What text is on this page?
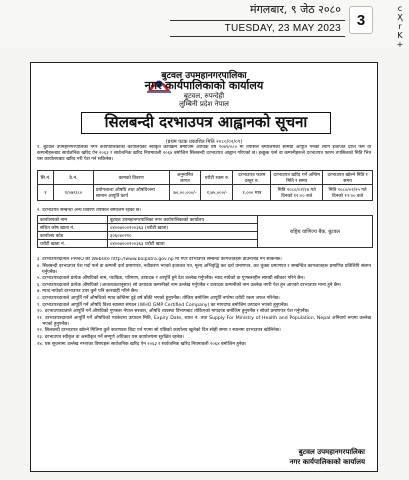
मंगलबार, ९ जेठ २०८०
TUESDAY, 23 MAY 2023	3
c
Ҳ
r
K
+
बुटवल उपमहानगरपालिका
नगर कार्यपालिकाको कार्यालय
बुटवल, रुपन्देही
लुम्बिनी प्रदेश नेपाल
सिलबन्दी दरभाउपत्र आह्वानको सूचना
(प्रथम पटक प्रकाशित मिति २०८०/०२/०९)
१. बुटवल उपमहानगरपालिका नगर कार्यपालिकाको कार्यालयको स्वीकृत कार्यक्रम बमोजिम आर्थिक वर्ष २०७९/०८० मा तपसिल बमोजिमका सामग्री आपूर्ति गर्नका लागि इजाजत प्राप्त फर्म वा कम्पनीहरूबाट सार्वजनिक खरिद ऐन २०६३ र सार्वजनिक खरिद नियमावली २०६४ बमोजिम सिलबन्दी दरभाउपत्र आह्वान गरिएको छ। इच्छुक फर्म वा कम्पनीहरूले दरभाउपत्र फारम तपसिलको मिति भित्र यस कार्यालयबाट खरिद गरी पेश गर्न सकिनेछ।
सि.नं.	ठे.नं.	कामको विवरण	अनुमानित लागत	धरौटी रकम रु.	दरभाउपत्र फारम दस्तुर रु.	दरभाउपत्र खरिद गर्ने अन्तिम मिति र समय	दरभाउपत्र खोल्ने मिति र समय
१	१/०७९/८०	प्रयोगशाला औषधि तथा औषधिजन्य सामान आपूर्ति कार्य	७०,००,०००/-	१,७५,०००/-	१,००० मात्र	मिति २०८०/०२/२४ गते दिनको १२:०० बजे	मिति २०८०/०२/२५ गते दिनको १२:०० बजे
२. दरभाउपत्र सम्बन्धी अन्य विवरण तपसिल बमोजिम रहेको छ।
कार्यालयको नाम	बुटवल उपमहानगरपालिका नगर कार्यपालिकाको कार्यालय	राष्ट्रिय वाणिज्य बैंक, बुटवल
संचित कोष खाता नं.	०४००७०००१००३६३ (धरौटी खाता)	
कार्यालय कोड	३०६०४०२१०	
धरौटी खाता नं.	०४००७०००१००३६३ धरौटी खाता	

३. दरभाउपत्रदाताले PPMO को Website http://www.bolpatra.gov.np मा गएर दरभाउपत्र सम्बन्धी कागजातहरू डाउनलोड गर्न सकिनेछ।

४. सिलबन्दी दरभाउपत्र पेश गर्दा फर्म वा कम्पनी दर्ता प्रमाणपत्र, नवीकरण भएको इजाजत पत्र, मूल्य अभिवृद्धि कर दर्ता प्रमाणपत्र, कर चुक्ता प्रमाणपत्र र सम्बन्धित कागजातहरू प्रमाणित प्रतिलिपि संलग्न गर्नुपर्नेछ।

५. दरभाउपत्रदाताले प्रत्येक औषधिको नाम, प्याकिङ, परिमाण, उत्पादक र आपूर्ति हुने देश उल्लेख गर्नुपर्नेछ। म्याद नाघेको वा गुणस्तरहीन सामग्री स्वीकार गरिने छैन।

६. दरभाउपत्रदाताले प्रत्येक औषधिको (आवश्यकतानुसार) सो उत्पादक कम्पनीको नाम उल्लेख गर्नुपर्नेछ र उत्पादक कम्पनीको नाम उल्लेख नगरी पेश हुन आएको दरभाउपत्र मान्य हुने छैन।

७. म्याद नाघेको दरभाउपत्र उपर कुनै पनि कारवाही गरिने छैन।

८. दरभाउपत्रदाताले आपूर्ति गर्ने औषधिको म्याद कम्तिमा दुई वर्ष बाँकी भएको हुनुपर्नेछ। तोकिए बमोजिम आपूर्ति नगरेमा धरौटी रकम जफत गरिनेछ।

९. दरभाउपत्रदाताले आपूर्ति गर्ने औषधि विश्व स्वास्थ्य संगठन (WHO GMP Certified Company) का मापदण्ड बमोजिम उत्पादन भएको हुनुपर्नेछ।

१०. दरभाउपत्रदाताले आपूर्ति गर्ने औषधिको गुणस्तर नेपाल सरकार, औषधि व्यवस्था विभागबाट तोकिएको मापदण्ड बमोजिम हुनुपर्नेछ र सोको प्रमाणपत्र पेश गर्नुपर्नेछ।

११. दरभाउपत्रदाताले आपूर्ति गर्ने औषधिको प्याकेटमा उत्पादन मिति, Expiry Date, ब्याच नं. तथा Supply For Ministry of Health and Population, Nepal अनिवार्य रूपमा उल्लेख भएको हुनुपर्नेछ।

१२. सिलबन्दी दरभाउपत्र खोल्ने मितिमा कुनै कारणवश बिदा पर्न गएमा सो पछिको कार्यालय खुलेको दिन सोही समय र स्थानमा दरभाउपत्र खोलिनेछ।

१३. दरभाउपत्र स्वीकृत वा अस्वीकृत गर्ने सम्पूर्ण अधिकार यस कार्यालयमा सुरक्षित रहनेछ।

१४. यस सूचनामा उल्लेख नभएका विषयहरू सार्वजनिक खरिद ऐन २०६३ र सार्वजनिक खरिद नियमावली २०६४ बमोजिम हुनेछ।

बुटवल उपमहानगरपालिका
नगर कार्यपालिकाको कार्यालय
